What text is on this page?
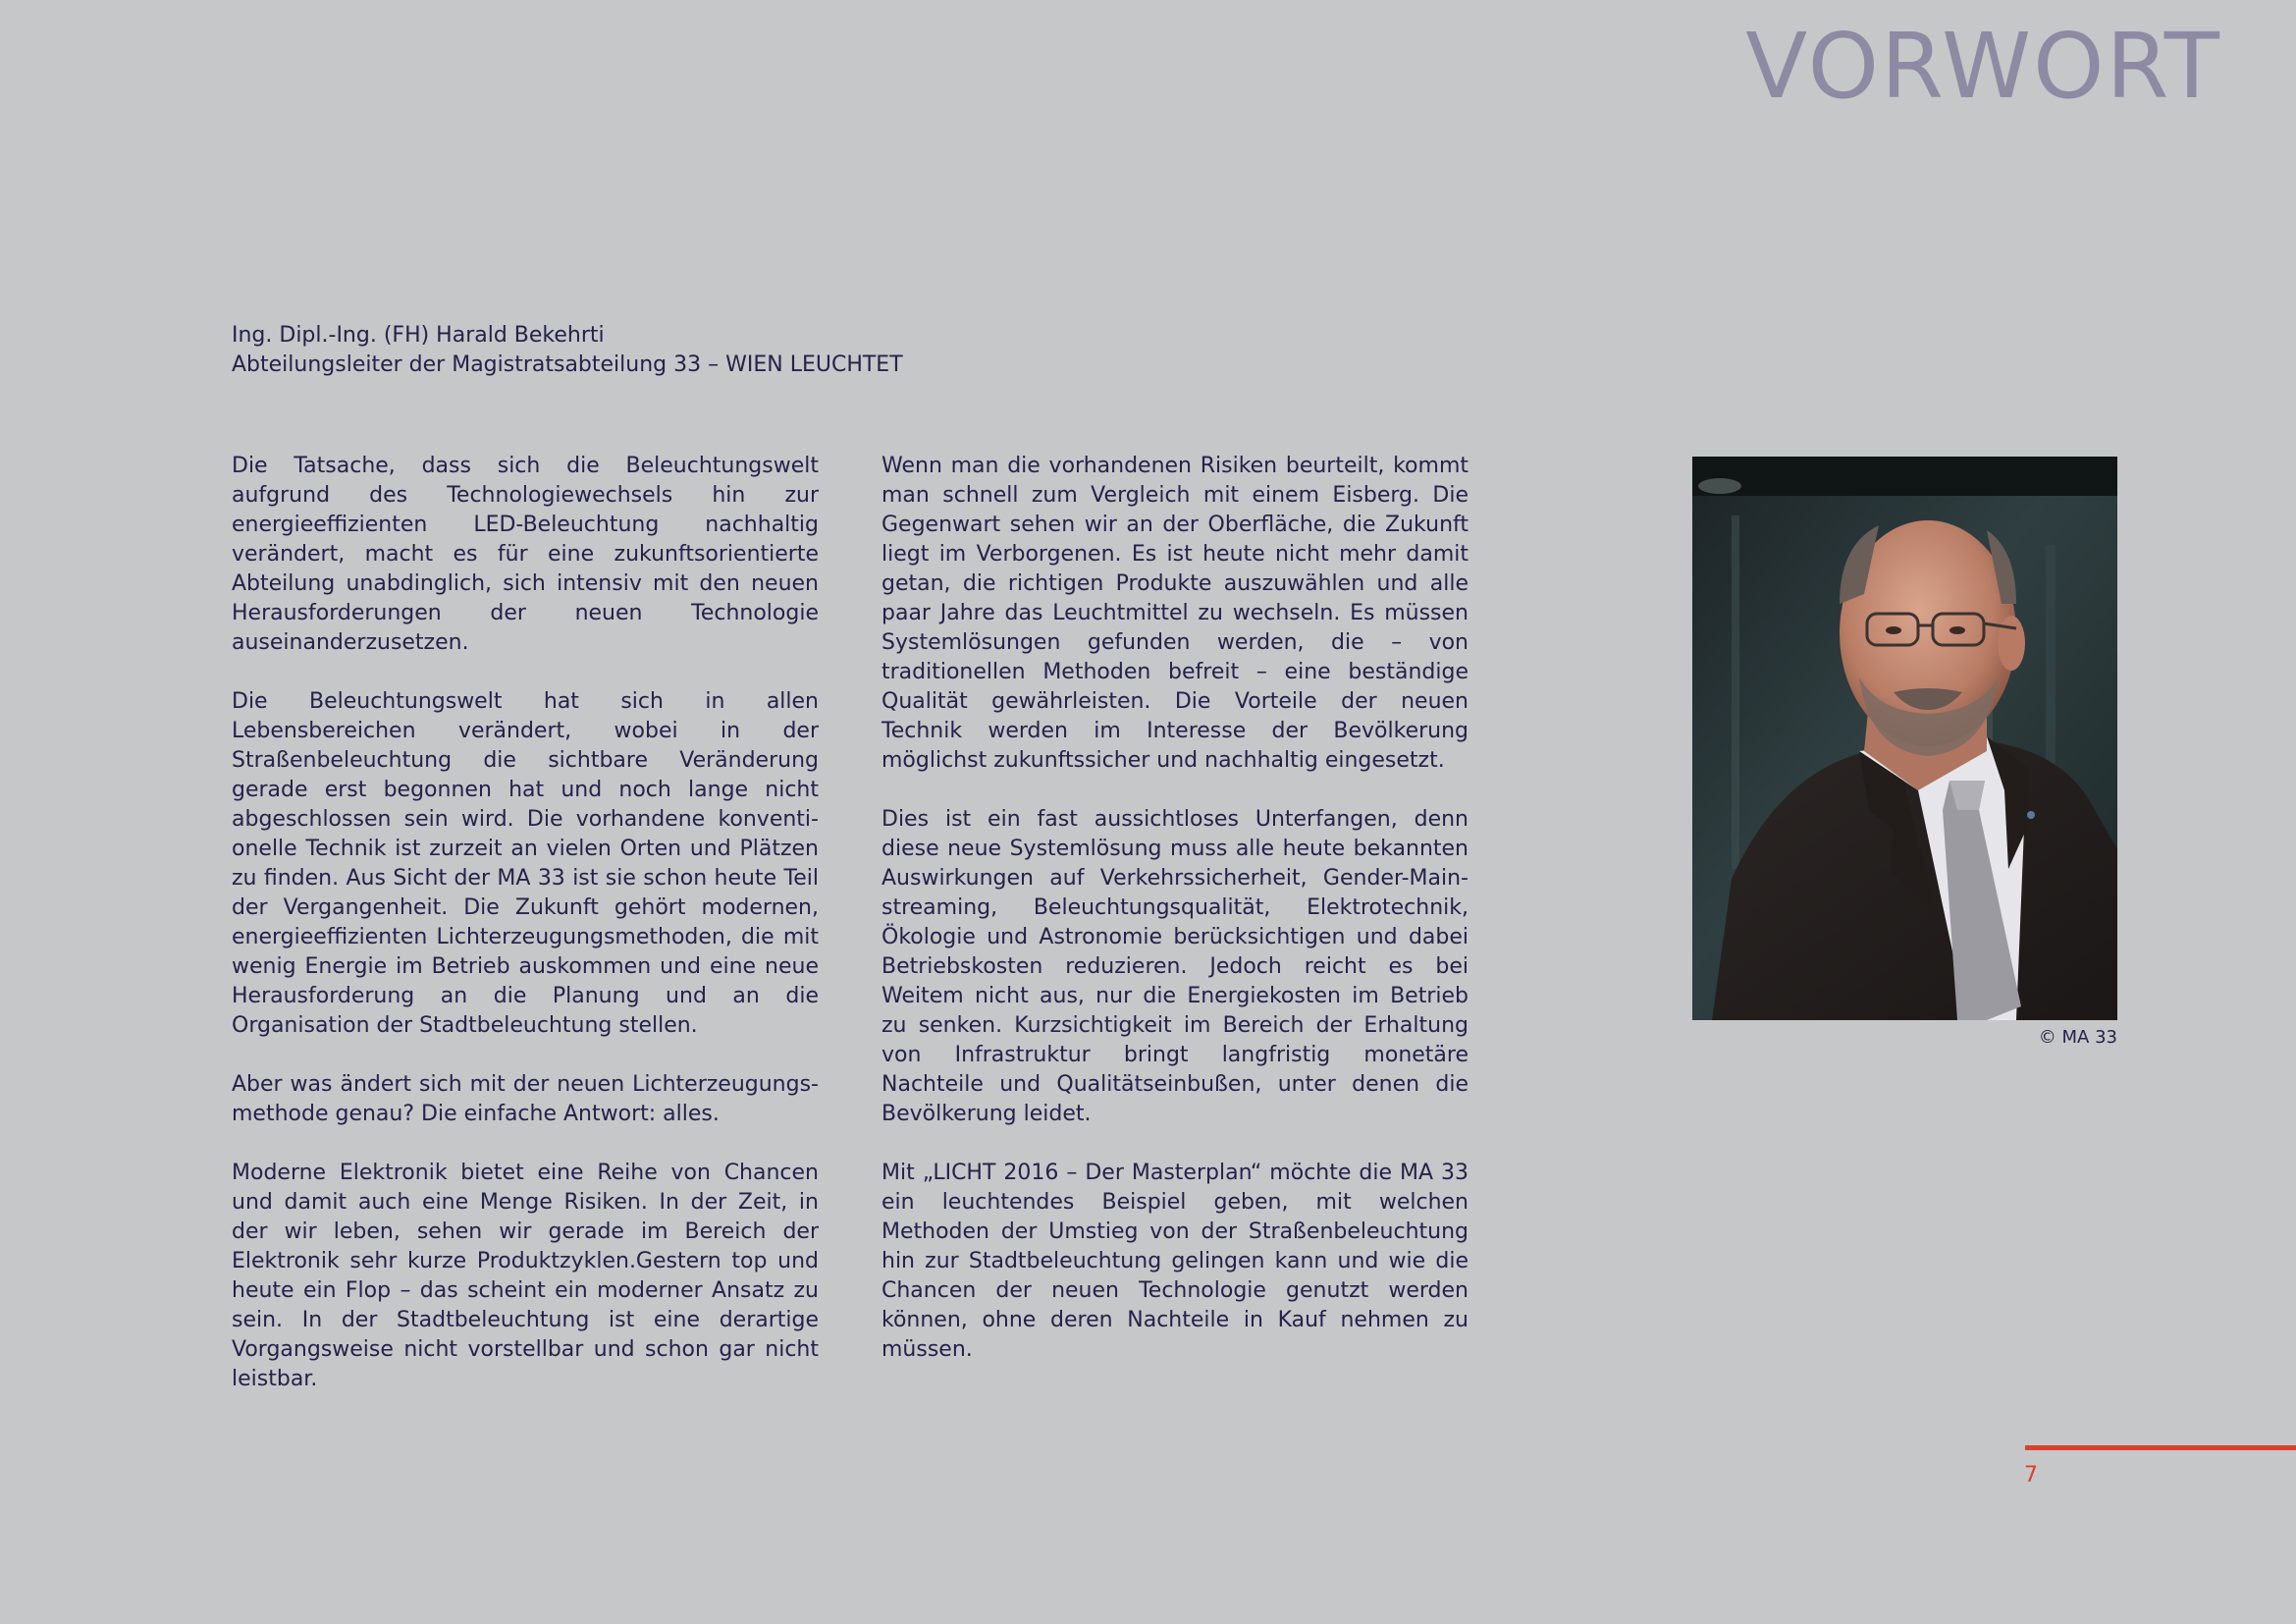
VORWORT
Ing. Dipl.-Ing. (FH) Harald Bekehrti
Abteilungsleiter der Magistratsabteilung 33 – WIEN LEUCHTET

Die Tatsache, dass sich die Beleuchtungswelt aufgrund des Technologiewechsels hin zur energieeffizienten LED-Beleuchtung nachhaltig verändert, macht es für eine zukunftsorientierte Abteilung unabdinglich, sich intensiv mit den neuen Herausforderungen der neuen Technologie auseinanderzusetzen.

Die Beleuchtungswelt hat sich in allen Lebensbereichen verändert, wobei in der Straßenbeleuchtung die sichtbare Veränderung gerade erst begonnen hat und noch lange nicht abgeschlossen sein wird. Die vorhandene konventionelle Technik ist zurzeit an vielen Orten und Plätzen zu finden. Aus Sicht der MA 33 ist sie schon heute Teil der Vergangenheit. Die Zukunft gehört modernen, energieeffizienten Lichterzeugungsmethoden, die mit wenig Energie im Betrieb auskommen und eine neue Herausforderung an die Planung und an die Organisation der Stadtbeleuchtung stellen.

Aber was ändert sich mit der neuen Lichterzeugungsmethode genau? Die einfache Antwort: alles.

Moderne Elektronik bietet eine Reihe von Chancen und damit auch eine Menge Risiken. In der Zeit, in der wir leben, sehen wir gerade im Bereich der Elektronik sehr kurze Produktzyklen.Gestern top und heute ein Flop – das scheint ein moderner Ansatz zu sein. In der Stadtbeleuchtung ist eine derartige Vorgangsweise nicht vorstellbar und schon gar nicht leistbar.

Wenn man die vorhandenen Risiken beurteilt, kommt man schnell zum Vergleich mit einem Eisberg. Die Gegenwart sehen wir an der Oberfläche, die Zukunft liegt im Verborgenen. Es ist heute nicht mehr damit getan, die richtigen Produkte auszuwählen und alle paar Jahre das Leuchtmittel zu wechseln. Es müssen Systemlösungen gefunden werden, die – von traditionellen Methoden befreit – eine beständige Qualität gewährleisten. Die Vorteile der neuen Technik werden im Interesse der Bevölkerung möglichst zukunftssicher und nachhaltig eingesetzt.

Dies ist ein fast aussichtloses Unterfangen, denn diese neue Systemlösung muss alle heute bekannten Auswirkungen auf Verkehrssicherheit, Gender-Mainstreaming, Beleuchtungsqualität, Elektrotechnik, Ökologie und Astronomie berücksichtigen und dabei Betriebskosten reduzieren. Jedoch reicht es bei Weitem nicht aus, nur die Energiekosten im Betrieb zu senken. Kurzsichtigkeit im Bereich der Erhaltung von Infrastruktur bringt langfristig monetäre Nachteile und Qualitätseinbußen, unter denen die Bevölkerung leidet.

Mit „LICHT 2016 – Der Masterplan“ möchte die MA 33 ein leuchtendes Beispiel geben, mit welchen Methoden der Umstieg von der Straßenbeleuchtung hin zur Stadtbeleuchtung gelingen kann und wie die Chancen der neuen Technologie genutzt werden können, ohne deren Nachteile in Kauf nehmen zu müssen.

© MA 33
7
